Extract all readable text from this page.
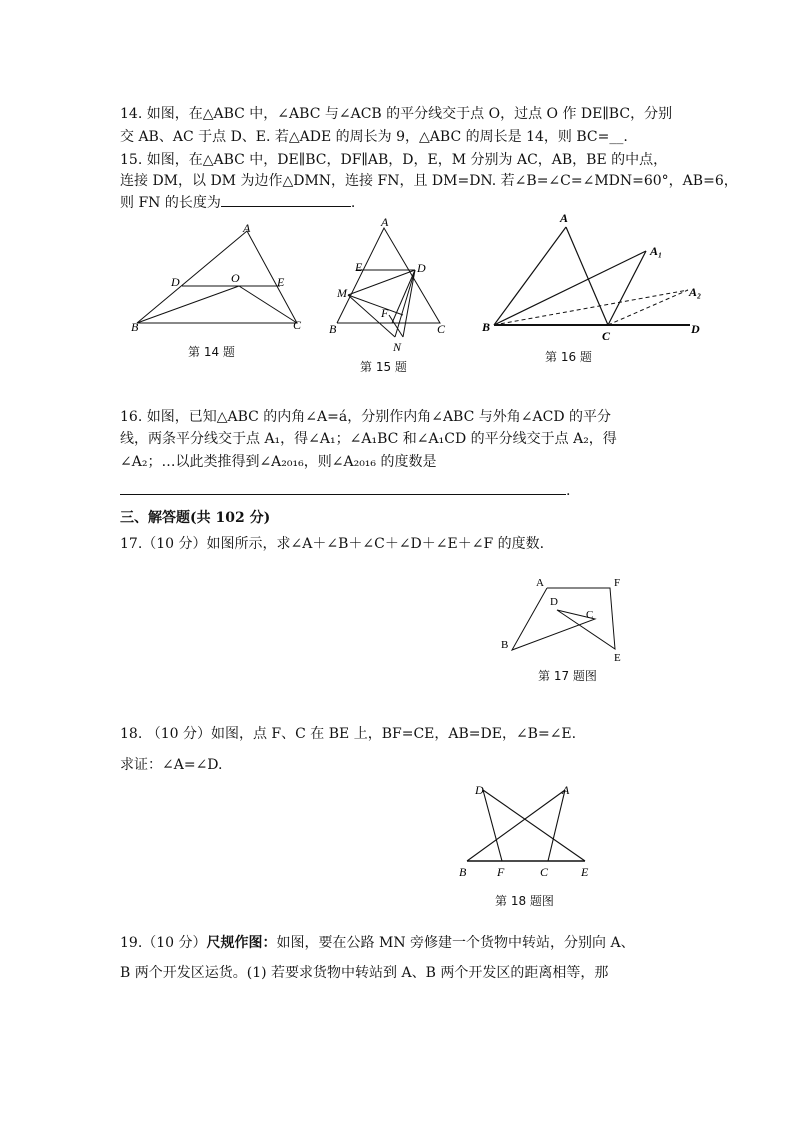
14. 如图，在△ABC 中，∠ABC 与∠ACB 的平分线交于点 O，过点 O 作 DE∥BC，分别
交 AB、AC 于点 D、E. 若△ADE 的周长为 9，△ABC 的周长是 14，则 BC=__.
15. 如图，在△ABC 中，DE∥BC，DF∥AB，D，E，M 分别为 AC，AB，BE 的中点，
连接 DM，以 DM 为边作△DMN，连接 FN，且 DM=DN. 若∠B=∠C=∠MDN=60°，AB=6，
则 FN 的长度为	.
A
D	O	E
B	C
第 14 题
A
E	D
M
F
B	C
N
第 15 题
A
A₁
A₂
B
C	D
第 16 题
16. 如图，已知△ABC 的内角∠A=á，分别作内角∠ABC 与外角∠ACD 的平分
线，两条平分线交于点 A₁，得∠A₁；∠A₁BC 和∠A₁CD 的平分线交于点 A₂，得
∠A₂；…以此类推得到∠A₂₀₁₆，则∠A₂₀₁₆ 的度数是
.
三、解答题(共 102 分)
17.（10 分）如图所示，求∠A＋∠B＋∠C＋∠D＋∠E＋∠F 的度数.
A	F
D
C
B
E
第 17 题图
18. （10 分）如图，点 F、C 在 BE 上，BF=CE，AB=DE，∠B=∠E.
求证：∠A=∠D.
D	A
B	F	C	E
第 18 题图
19.（10 分）尺规作图：如图，要在公路 MN 旁修建一个货物中转站，分别向 A、
B 两个开发区运货。(1) 若要求货物中转站到 A、B 两个开发区的距离相等，那
